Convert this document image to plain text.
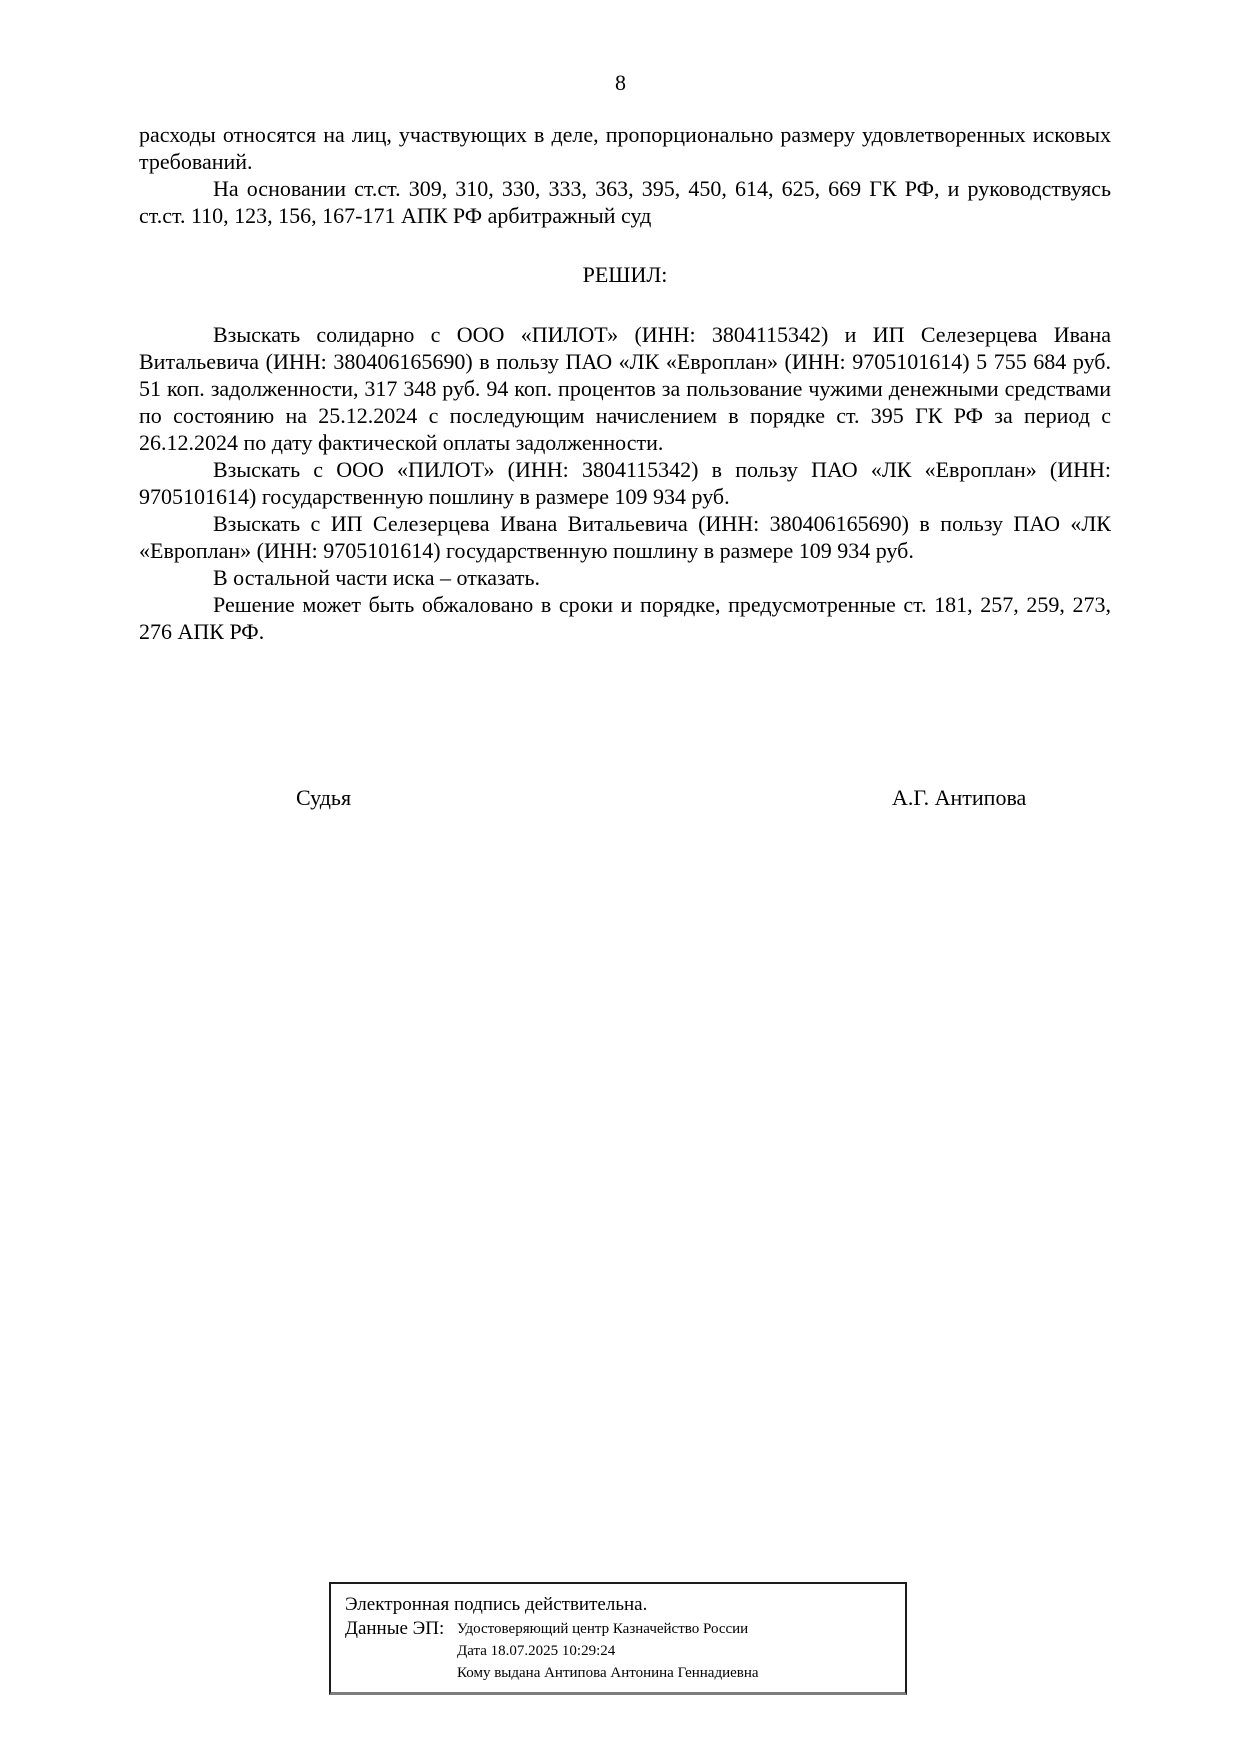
8

расходы относятся на лиц, участвующих в деле, пропорционально размеру удовлетворенных исковых требований.

На основании ст.ст. 309, 310, 330, 333, 363, 395, 450, 614, 625, 669 ГК РФ, и руководствуясь ст.ст. 110, 123, 156, 167-171 АПК РФ арбитражный суд

РЕШИЛ:

Взыскать солидарно с ООО «ПИЛОТ» (ИНН: 3804115342) и ИП Селезерцева Ивана Витальевича (ИНН: 380406165690) в пользу ПАО «ЛК «Европлан» (ИНН: 9705101614) 5 755 684 руб. 51 коп. задолженности, 317 348 руб. 94 коп. процентов за пользование чужими денежными средствами по состоянию на 25.12.2024 с последующим начислением в порядке ст. 395 ГК РФ за период с 26.12.2024 по дату фактической оплаты задолженности.

Взыскать с ООО «ПИЛОТ» (ИНН: 3804115342) в пользу ПАО «ЛК «Европлан» (ИНН: 9705101614) государственную пошлину в размере 109 934 руб.

Взыскать с ИП Селезерцева Ивана Витальевича (ИНН: 380406165690) в пользу ПАО «ЛК «Европлан» (ИНН: 9705101614) государственную пошлину в размере 109 934 руб.

В остальной части иска – отказать.

Решение может быть обжаловано в сроки и порядке, предусмотренные ст. 181, 257, 259, 273, 276 АПК РФ.

Судья	А.Г. Антипова
Электронная подпись действительна.
Данные ЭП: Удостоверяющий центр Казначейство России
Дата 18.07.2025 10:29:24
Кому выдана Антипова Антонина Геннадиевна
